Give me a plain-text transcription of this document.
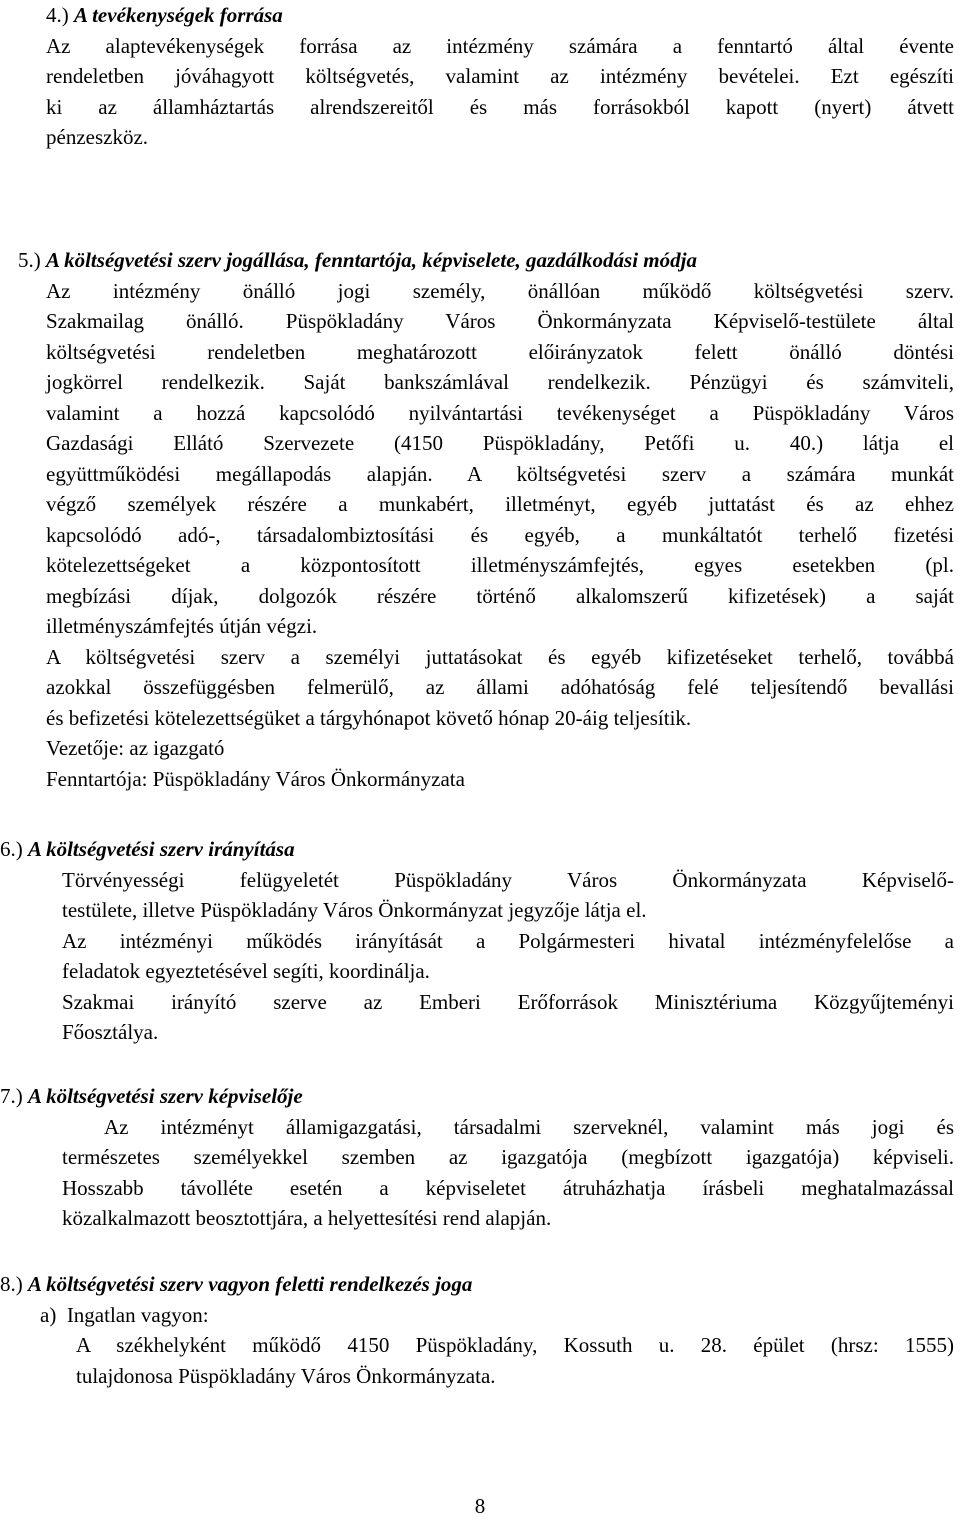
4.) A tevékenységek forrása
Az alaptevékenységek forrása az intézmény számára a fenntartó által évente
rendeletben jóváhagyott költségvetés, valamint az intézmény bevételei. Ezt egészíti
ki az államháztartás alrendszereitől és más forrásokból kapott (nyert) átvett
pénzeszköz.
5.) A költségvetési szerv jogállása, fenntartója, képviselete, gazdálkodási módja
Az intézmény önálló jogi személy, önállóan működő költségvetési szerv.
Szakmailag önálló. Püspökladány Város Önkormányzata Képviselő-testülete által
költségvetési rendeletben meghatározott előirányzatok felett önálló döntési
jogkörrel rendelkezik. Saját bankszámlával rendelkezik. Pénzügyi és számviteli,
valamint a hozzá kapcsolódó nyilvántartási tevékenységet a Püspökladány Város
Gazdasági Ellátó Szervezete (4150 Püspökladány, Petőfi u. 40.) látja el
együttműködési megállapodás alapján. A költségvetési szerv a számára munkát
végző személyek részére a munkabért, illetményt, egyéb juttatást és az ehhez
kapcsolódó adó-, társadalombiztosítási és egyéb, a munkáltatót terhelő fizetési
kötelezettségeket a központosított illetményszámfejtés, egyes esetekben (pl.
megbízási díjak, dolgozók részére történő alkalomszerű kifizetések) a saját
illetményszámfejtés útján végzi.
A költségvetési szerv a személyi juttatásokat és egyéb kifizetéseket terhelő, továbbá
azokkal összefüggésben felmerülő, az állami adóhatóság felé teljesítendő bevallási
és befizetési kötelezettségüket a tárgyhónapot követő hónap 20-áig teljesítik.
Vezetője: az igazgató
Fenntartója: Püspökladány Város Önkormányzata
6.) A költségvetési szerv irányítása
Törvényességi felügyeletét Püspökladány Város Önkormányzata Képviselő-
testülete, illetve Püspökladány Város Önkormányzat jegyzője látja el.
Az intézményi működés irányítását a Polgármesteri hivatal intézményfelelőse a
feladatok egyeztetésével segíti, koordinálja.
Szakmai irányító szerve az Emberi Erőforrások Minisztériuma Közgyűjteményi
Főosztálya.
7.) A költségvetési szerv képviselője
Az intézményt államigazgatási, társadalmi szerveknél, valamint más jogi és
természetes személyekkel szemben az igazgatója (megbízott igazgatója) képviseli.
Hosszabb távolléte esetén a képviseletet átruházhatja írásbeli meghatalmazással
közalkalmazott beosztottjára, a helyettesítési rend alapján.
8.) A költségvetési szerv vagyon feletti rendelkezés joga
a)  Ingatlan vagyon:
A székhelyként működő 4150 Püspökladány, Kossuth u. 28. épület (hrsz: 1555)
tulajdonosa Püspökladány Város Önkormányzata.
8
